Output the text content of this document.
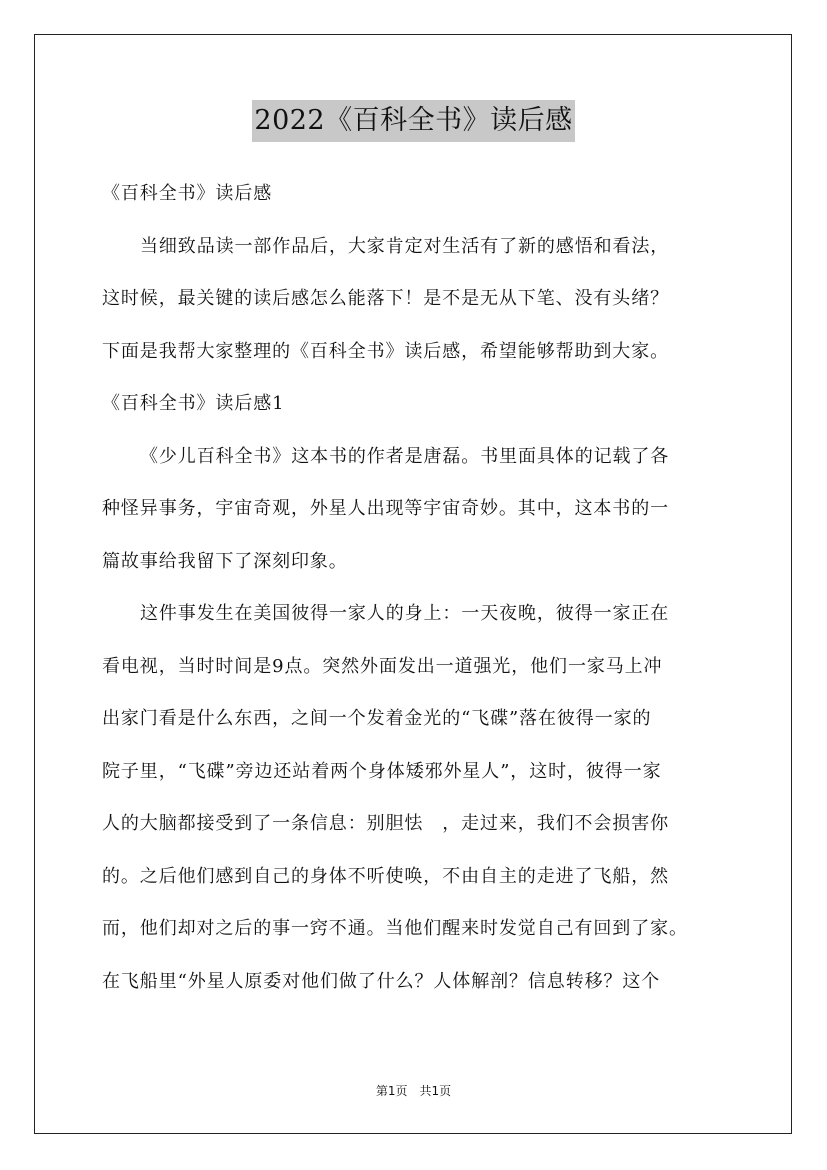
2022《百科全书》读后感
《百科全书》读后感
当细致品读一部作品后，大家肯定对生活有了新的感悟和看法，
这时候，最关键的读后感怎么能落下！是不是无从下笔、没有头绪？
下面是我帮大家整理的《百科全书》读后感，希望能够帮助到大家。
《百科全书》读后感1
《少儿百科全书》这本书的作者是唐磊。书里面具体的记载了各
种怪异事务，宇宙奇观，外星人出现等宇宙奇妙。其中，这本书的一
篇故事给我留下了深刻印象。
这件事发生在美国彼得一家人的身上：一天夜晚，彼得一家正在
看电视，当时时间是9点。突然外面发出一道强光，他们一家马上冲
出家门看是什么东西，之间一个发着金光的“飞碟”落在彼得一家的
院子里，“飞碟”旁边还站着两个身体矮邪外星人”，这时，彼得一家
人的大脑都接受到了一条信息：别胆怯　，走过来，我们不会损害你
的。之后他们感到自己的身体不听使唤，不由自主的走进了飞船，然
而，他们却对之后的事一窍不通。当他们醒来时发觉自己有回到了家。
在飞船里“外星人原委对他们做了什么？人体解剖？信息转移？这个
第1页　共1页
